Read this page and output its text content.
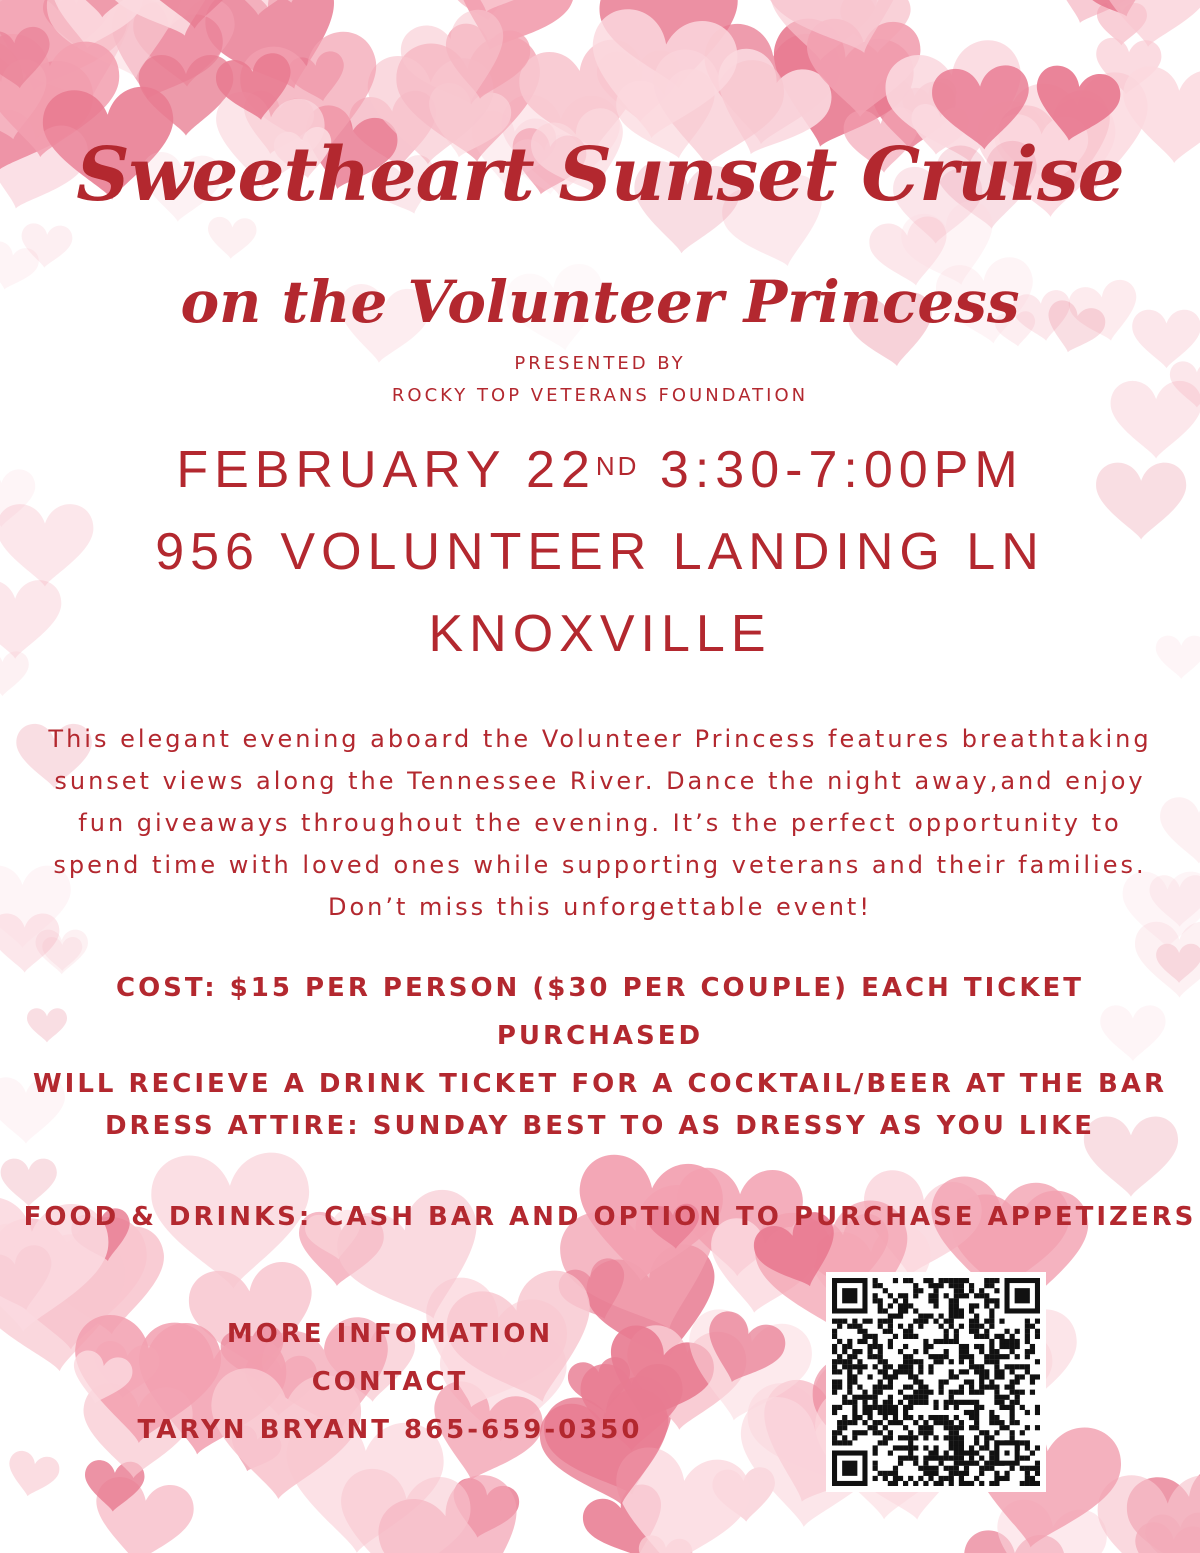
Sweetheart Sunset Cruise
on the Volunteer Princess
PRESENTED BY
ROCKY TOP VETERANS FOUNDATION
FEBRUARY 22ND 3:30-7:00PM
956 VOLUNTEER LANDING LN
KNOXVILLE
This elegant evening aboard the Volunteer Princess features breathtaking sunset views along the Tennessee River. Dance the night away,and enjoy fun giveaways throughout the evening. It’s the perfect opportunity to spend time with loved ones while supporting veterans and their families. Don’t miss this unforgettable event!
COST: $15 PER PERSON ($30 PER COUPLE) EACH TICKET PURCHASED
WILL RECIEVE A DRINK TICKET FOR A COCKTAIL/BEER AT THE BAR
DRESS ATTIRE: SUNDAY BEST TO AS DRESSY AS YOU LIKE
FOOD & DRINKS: CASH BAR AND OPTION TO PURCHASE APPETIZERS
MORE INFOMATION
CONTACT
TARYN BRYANT 865-659-0350
